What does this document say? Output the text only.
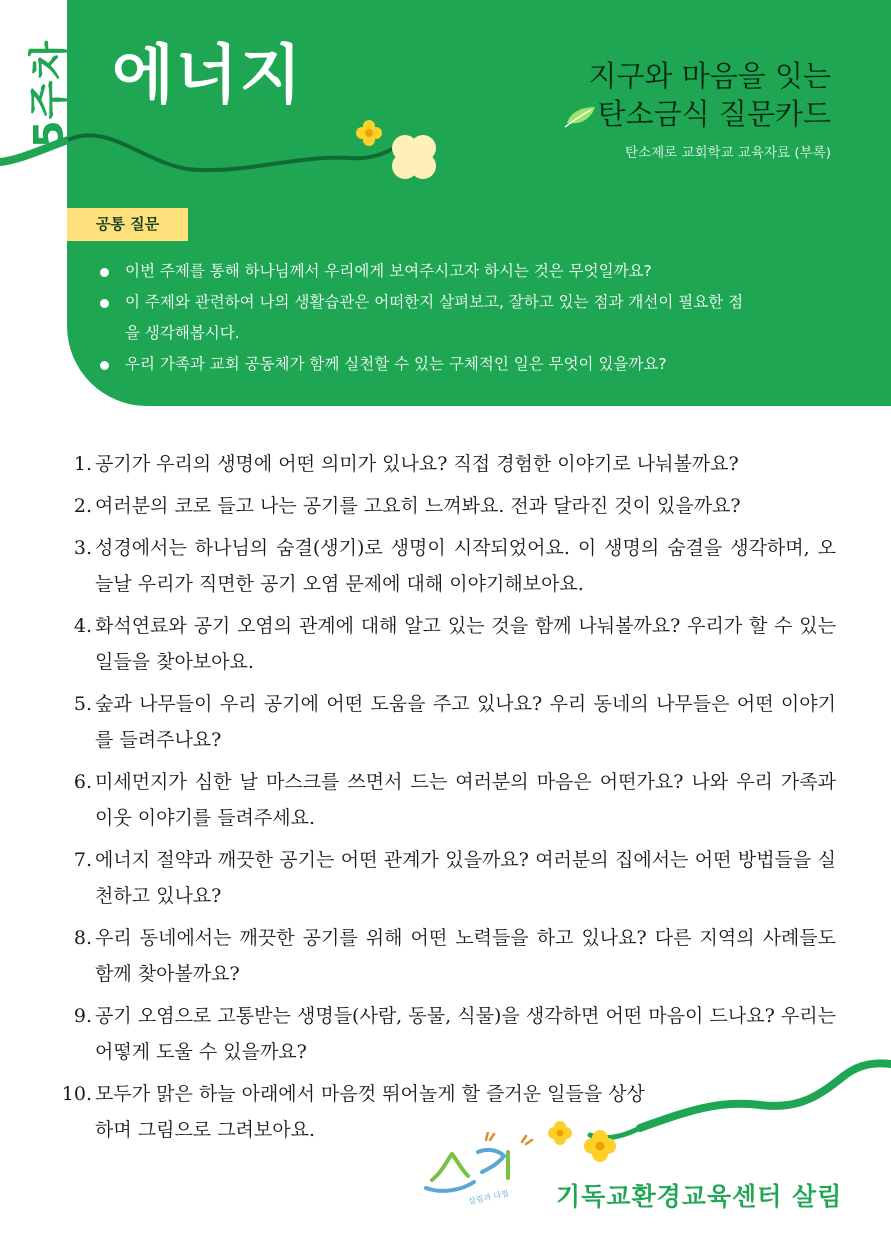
5주차 에너지	지구와 마음을 잇는
탄소금식 질문카드
탄소제로 교회학교 교육자료 (부록)
공통 질문
이번 주제를 통해 하나님께서 우리에게 보여주시고자 하시는 것은 무엇일까요?
이 주제와 관련하여 나의 생활습관은 어떠한지 살펴보고, 잘하고 있는 점과 개선이 필요한 점을 생각해봅시다.
우리 가족과 교회 공동체가 함께 실천할 수 있는 구체적인 일은 무엇이 있을까요?
1. 공기가 우리의 생명에 어떤 의미가 있나요? 직접 경험한 이야기로 나눠볼까요?
2. 여러분의 코로 들고 나는 공기를 고요히 느껴봐요. 전과 달라진 것이 있을까요?
3. 성경에서는 하나님의 숨결(생기)로 생명이 시작되었어요. 이 생명의 숨결을 생각하며, 오늘날 우리가 직면한 공기 오염 문제에 대해 이야기해보아요.
4. 화석연료와 공기 오염의 관계에 대해 알고 있는 것을 함께 나눠볼까요? 우리가 할 수 있는 일들을 찾아보아요.
5. 숲과 나무들이 우리 공기에 어떤 도움을 주고 있나요? 우리 동네의 나무들은 어떤 이야기를 들려주나요?
6. 미세먼지가 심한 날 마스크를 쓰면서 드는 여러분의 마음은 어떤가요? 나와 우리 가족과 이웃 이야기를 들려주세요.
7. 에너지 절약과 깨끗한 공기는 어떤 관계가 있을까요? 여러분의 집에서는 어떤 방법들을 실천하고 있나요?
8. 우리 동네에서는 깨끗한 공기를 위해 어떤 노력들을 하고 있나요? 다른 지역의 사례들도 함께 찾아볼까요?
9. 공기 오염으로 고통받는 생명들(사람, 동물, 식물)을 생각하면 어떤 마음이 드나요? 우리는 어떻게 도울 수 있을까요?
10. 모두가 맑은 하늘 아래에서 마음껏 뛰어놀게 할 즐거운 일들을 상상하며 그림으로 그려보아요.
살림과 다짐 기독교환경교육센터 살림
